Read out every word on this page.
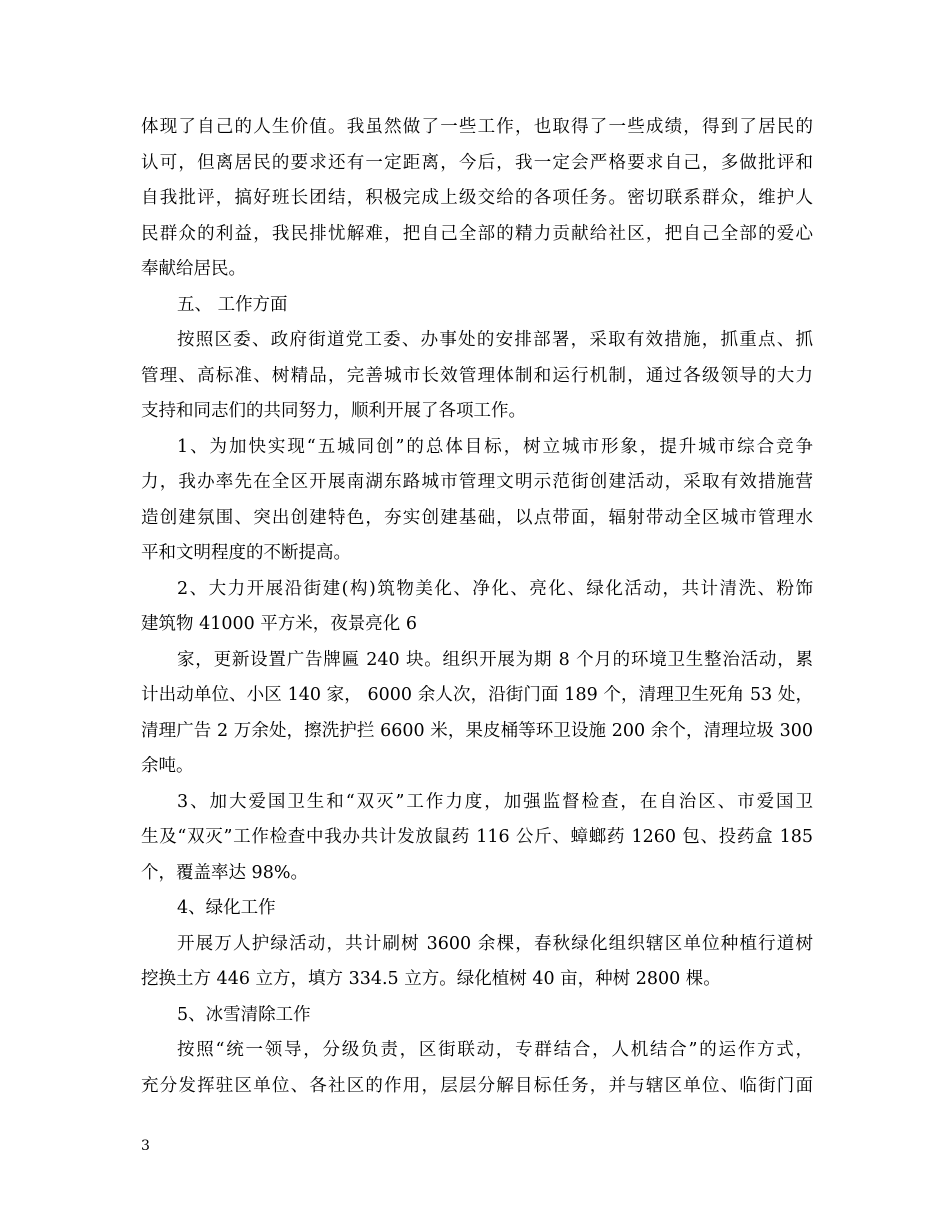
体现了自己的人生价值。我虽然做了一些工作，也取得了一些成绩，得到了居民的
认可，但离居民的要求还有一定距离，今后，我一定会严格要求自己，多做批评和
自我批评，搞好班长团结，积极完成上级交给的各项任务。密切联系群众，维护人
民群众的利益，我民排忧解难，把自己全部的精力贡献给社区，把自己全部的爱心
奉献给居民。
五、 工作方面
按照区委、政府街道党工委、办事处的安排部署，采取有效措施，抓重点、抓
管理、高标准、树精品，完善城市长效管理体制和运行机制，通过各级领导的大力
支持和同志们的共同努力，顺利开展了各项工作。
1、为加快实现“五城同创”的总体目标，树立城市形象，提升城市综合竞争
力，我办率先在全区开展南湖东路城市管理文明示范街创建活动，采取有效措施营
造创建氛围、突出创建特色，夯实创建基础，以点带面，辐射带动全区城市管理水
平和文明程度的不断提高。
2、大力开展沿街建(构)筑物美化、净化、亮化、绿化活动，共计清洗、粉饰
建筑物 41000 平方米，夜景亮化 6
家，更新设置广告牌匾 240 块。组织开展为期 8 个月的环境卫生整治活动，累
计出动单位、小区 140 家， 6000 余人次，沿街门面 189 个，清理卫生死角 53 处，
清理广告 2 万余处，擦洗护拦 6600 米，果皮桶等环卫设施 200 余个，清理垃圾 300
余吨。
3、加大爱国卫生和“双灭”工作力度，加强监督检查，在自治区、市爱国卫
生及“双灭”工作检查中我办共计发放鼠药 116 公斤、蟑螂药 1260 包、投药盒 185
个，覆盖率达 98%。
4、绿化工作
开展万人护绿活动，共计刷树 3600 余棵，春秋绿化组织辖区单位种植行道树
挖换土方 446 立方，填方 334.5 立方。绿化植树 40 亩，种树 2800 棵。
5、冰雪清除工作
按照“统一领导，分级负责，区街联动，专群结合，人机结合”的运作方式，
充分发挥驻区单位、各社区的作用，层层分解目标任务，并与辖区单位、临街门面
3
